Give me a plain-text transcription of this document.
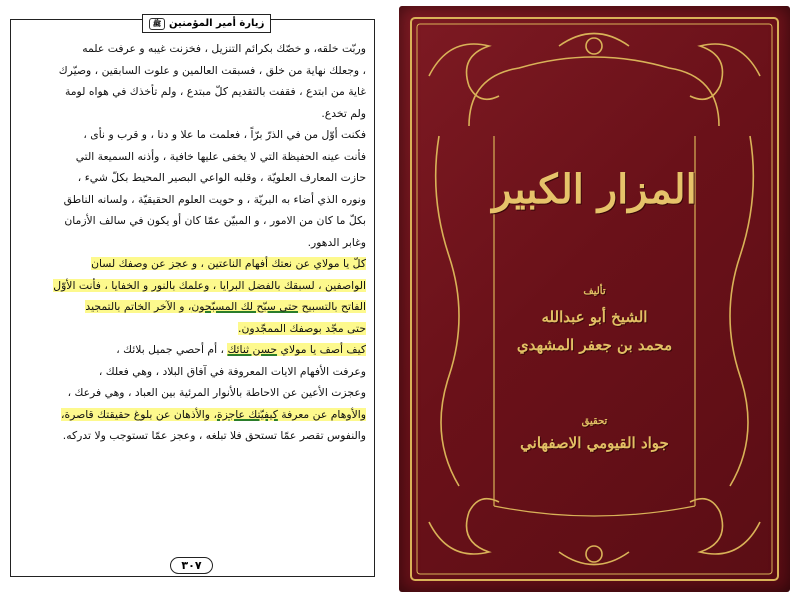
زيارة أمير المؤمنين
ﷺ
وربّت خلقه، و خصّك بكرائم التنزيل ، فخزنت غيبه و عرفت علمه
، وجعلك نهاية من خلق ، فسبقت العالمين و علوت السابقين ، وصيّرك
غاية من ابتدع ، فقفت بالتقديم كلّ مبتدع ، ولم تأخذك في هواه لومة
ولم تخدع.
فكنت أوّل من في الذرّ برّاً ، فعلمت ما علا و دنا ، و قرب و نأى ،
فأنت عينه الحفيظة التي لا يخفى عليها خافية ، وأذنه السميعة التي
حازت المعارف العلويّة ، وقلبه الواعي البصير المحيط بكلّ شيء ،
ونوره الذي أضاء به البريّة ، و حويت العلوم الحقيقيّة ، ولسانه الناطق
بكلّ ما كان من الامور ، و المبيّن عمّا كان أو يكون في سالف الأزمان
وغابر الدهور.
كلّ يا مولاي عن نعتك أفهام الناعتين ، و عجز عن وصفك لسان
الواصفين ، لسبقك بالفضل البرايا ، وعلمك بالنور و الخفايا ، فأنت الأوّل
الفاتح بالتسبيح حتى سبّح لك المسبّحون، و الآخر الخاتم بالتمجيد
حتى مجّد بوصفك الممجّدون.
كيف أصف يا مولاي حسن ثنائك ، أم أحصي جميل بلائك ،
وعرفت الأفهام الايات المعروفة في آفاق البلاد ، وهي فعلك ،
وعجزت الأعين عن الاحاطة بالأنوار المرئية بين العباد ، وهي فرعك ،
والأوهام عن معرفة كيفيّتك عاجزة، والأذهان عن بلوغ حقيقتك قاصرة،
والنفوس تقصر عمّا تستحق فلا تبلغه ، وعجز عمّا تستوجب ولا تدركه.
٣٠٧
المزار الكبير
تأليف
الشيخ أبو عبدالله
محمد بن جعفر المشهدي
تحقيق
جواد القيومي الاصفهاني
